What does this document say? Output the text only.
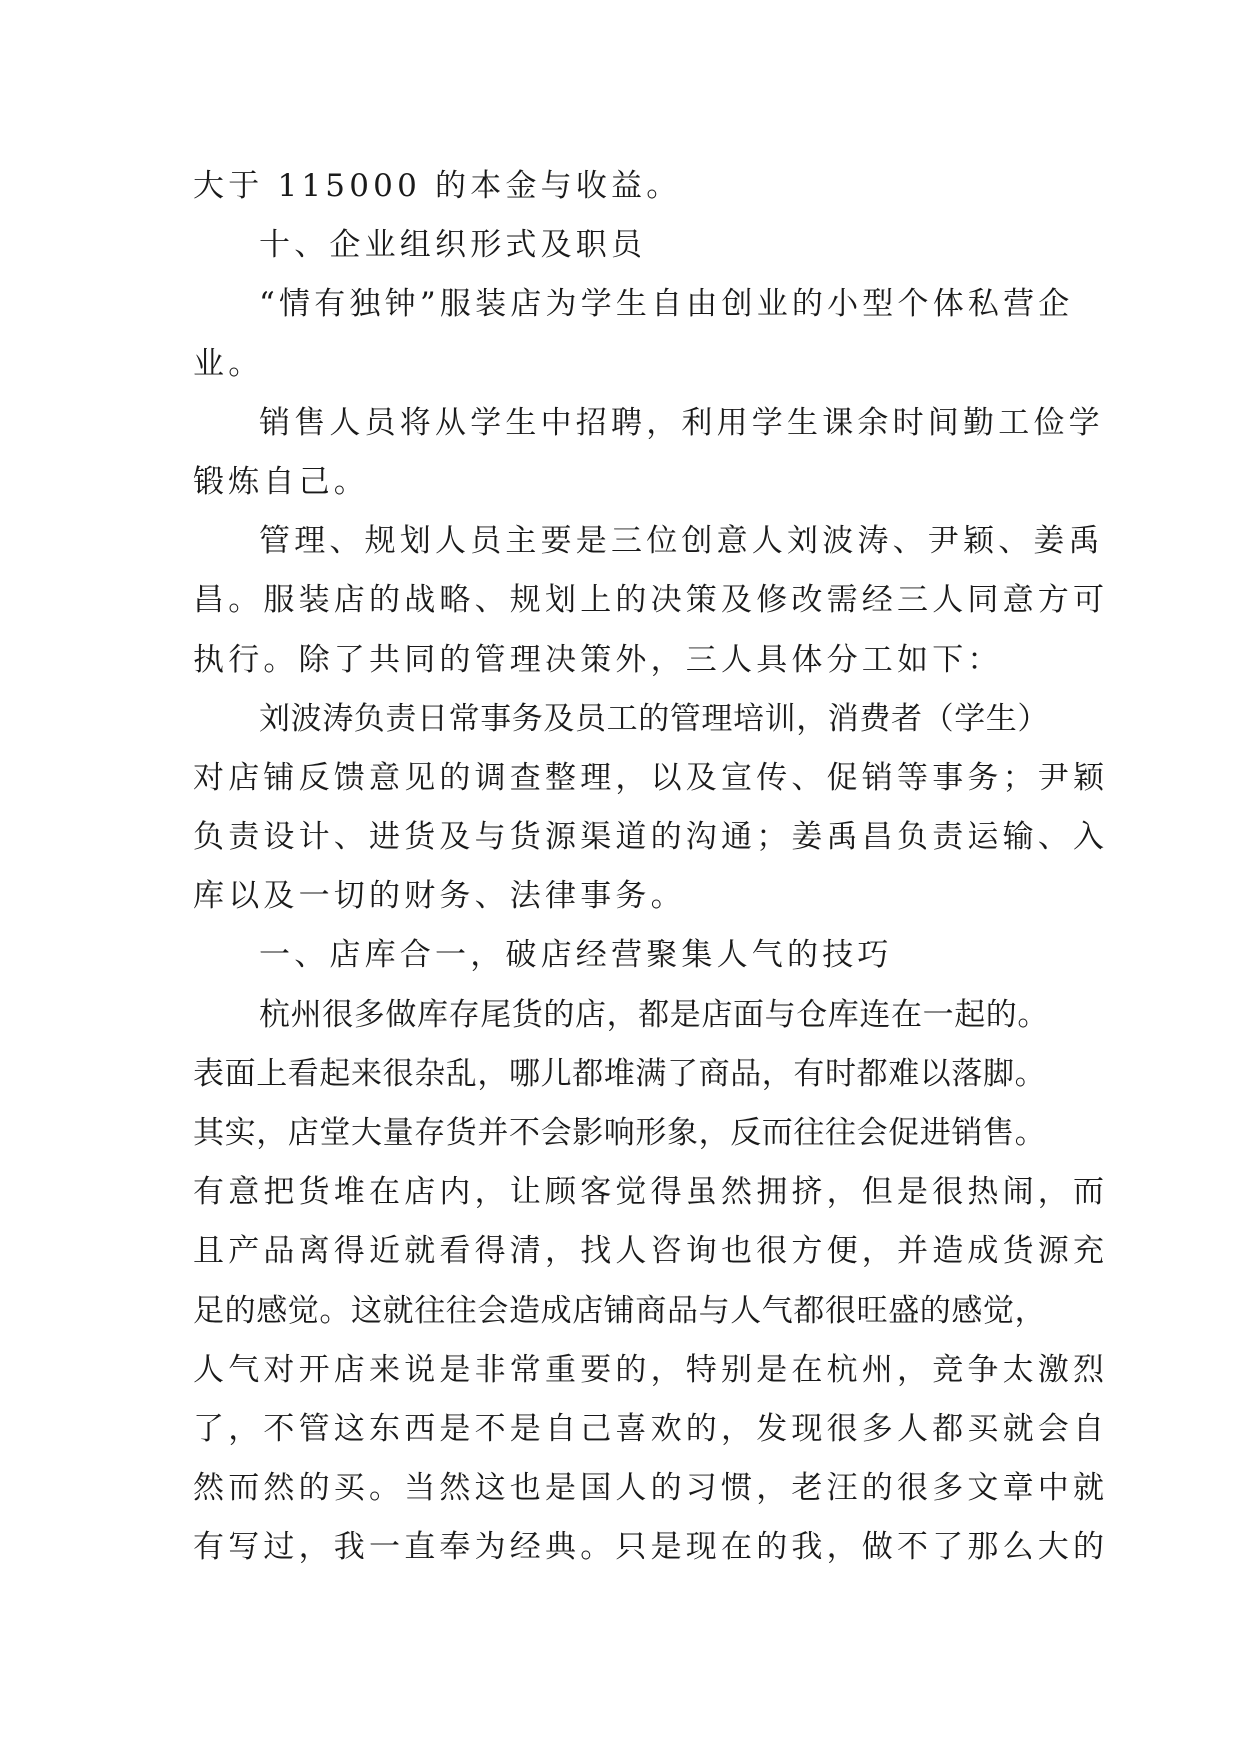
大于 115000 的本金与收益。
十、企业组织形式及职员
“情有独钟”服装店为学生自由创业的小型个体私营企
业。
销售人员将从学生中招聘，利用学生课余时间勤工俭学
锻炼自己。
管理、规划人员主要是三位创意人刘波涛、尹颖、姜禹
昌。服装店的战略、规划上的决策及修改需经三人同意方可
执行。除了共同的管理决策外，三人具体分工如下：
刘波涛负责日常事务及员工的管理培训，消费者（学生）
对店铺反馈意见的调查整理，以及宣传、促销等事务；尹颖
负责设计、进货及与货源渠道的沟通；姜禹昌负责运输、入
库以及一切的财务、法律事务。
一、店库合一，破店经营聚集人气的技巧
杭州很多做库存尾货的店，都是店面与仓库连在一起的。
表面上看起来很杂乱，哪儿都堆满了商品，有时都难以落脚。
其实，店堂大量存货并不会影响形象，反而往往会促进销售。
有意把货堆在店内，让顾客觉得虽然拥挤，但是很热闹，而
且产品离得近就看得清，找人咨询也很方便，并造成货源充
足的感觉。这就往往会造成店铺商品与人气都很旺盛的感觉，
人气对开店来说是非常重要的，特别是在杭州，竞争太激烈
了，不管这东西是不是自己喜欢的，发现很多人都买就会自
然而然的买。当然这也是国人的习惯，老汪的很多文章中就
有写过，我一直奉为经典。只是现在的我，做不了那么大的
